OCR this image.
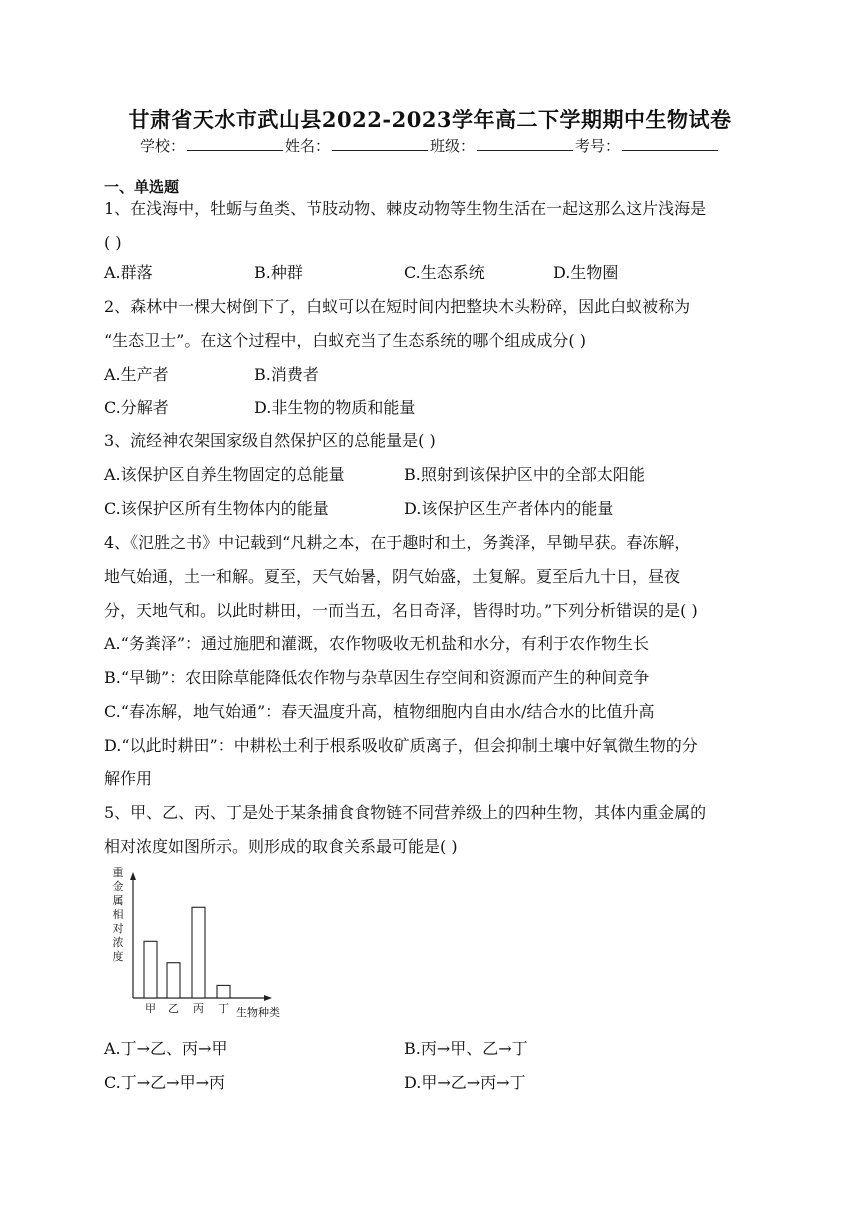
甘肃省天水市武山县2022-2023学年高二下学期期中生物试卷
学校：	姓名：	班级：	考号：
一、单选题
1、在浅海中，牡蛎与鱼类、节肢动物、棘皮动物等生物生活在一起这那么这片浅海是
( )
A.群落	B.种群	C.生态系统	D.生物圈
2、森林中一棵大树倒下了，白蚁可以在短时间内把整块木头粉碎，因此白蚁被称为
“生态卫士”。在这个过程中，白蚁充当了生态系统的哪个组成成分( )
A.生产者	B.消费者
C.分解者	D.非生物的物质和能量
3、流经神农架国家级自然保护区的总能量是( )
A.该保护区自养生物固定的总能量	B.照射到该保护区中的全部太阳能
C.该保护区所有生物体内的能量	D.该保护区生产者体内的能量
4、《氾胜之书》中记载到“凡耕之本，在于趣时和土，务粪泽，早锄早获。春冻解，
地气始通，土一和解。夏至，天气始暑，阴气始盛，土复解。夏至后九十日，昼夜
分，天地气和。以此时耕田，一而当五，名日奇泽，皆得时功。”下列分析错误的是( )
A.“务粪泽”：通过施肥和灌溉，农作物吸收无机盐和水分，有利于农作物生长
B.“早锄”：农田除草能降低农作物与杂草因生存空间和资源而产生的种间竞争
C.“春冻解，地气始通”：春天温度升高，植物细胞内自由水/结合水的比值升高
D.“以此时耕田”：中耕松土利于根系吸收矿质离子，但会抑制土壤中好氧微生物的分
解作用
5、甲、乙、丙、丁是处于某条捕食食物链不同营养级上的四种生物，其体内重金属的
相对浓度如图所示。则形成的取食关系最可能是( )
重金属相对浓度
甲 乙 丙 丁 生物种类
A.丁→乙、丙→甲	B.丙→甲、乙→丁
C.丁→乙→甲→丙	D.甲→乙→丙→丁
